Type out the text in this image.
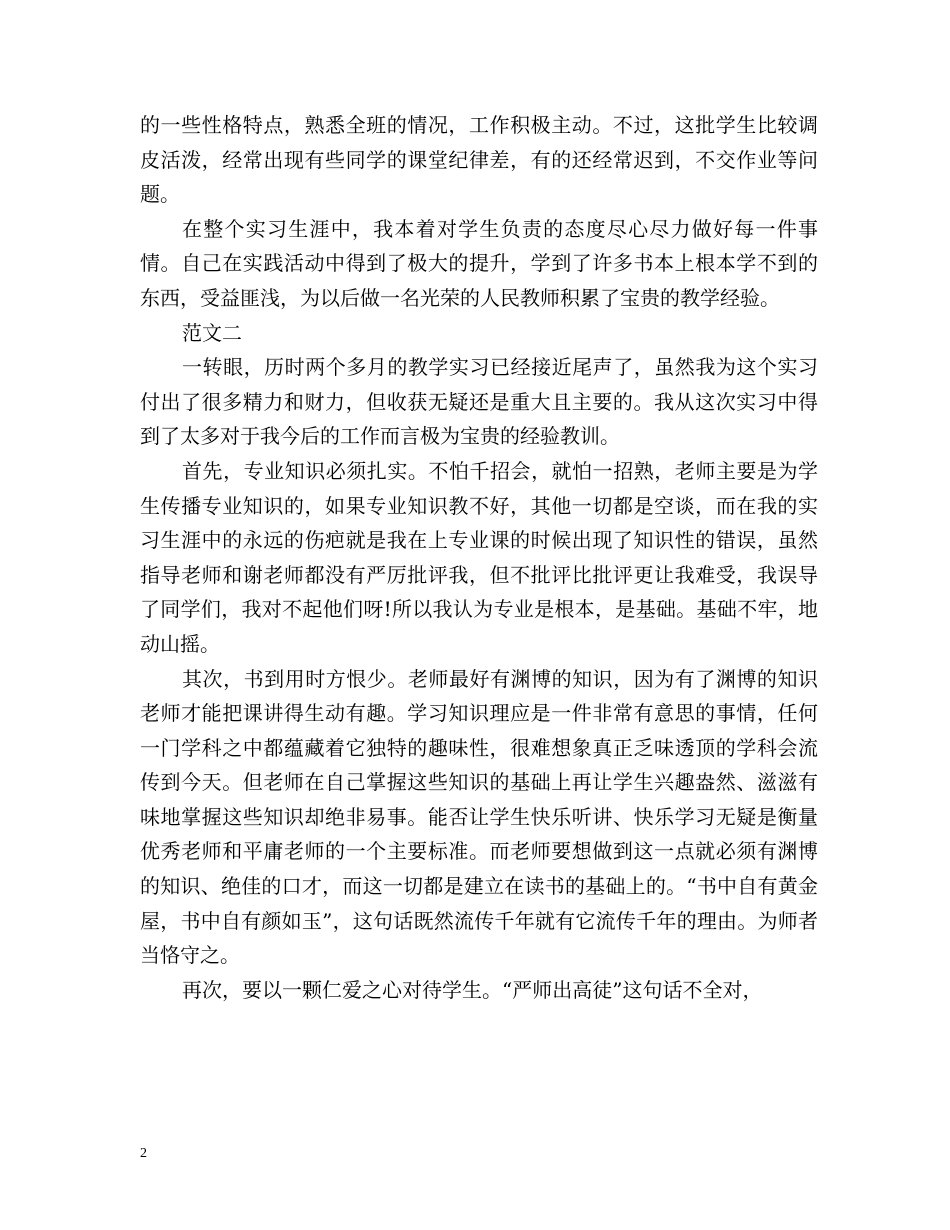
的一些性格特点，熟悉全班的情况，工作积极主动。不过，这批学生比较调皮活泼，经常出现有些同学的课堂纪律差，有的还经常迟到，不交作业等问题。

在整个实习生涯中，我本着对学生负责的态度尽心尽力做好每一件事情。自己在实践活动中得到了极大的提升，学到了许多书本上根本学不到的东西，受益匪浅，为以后做一名光荣的人民教师积累了宝贵的教学经验。

范文二

一转眼，历时两个多月的教学实习已经接近尾声了，虽然我为这个实习付出了很多精力和财力，但收获无疑还是重大且主要的。我从这次实习中得到了太多对于我今后的工作而言极为宝贵的经验教训。

首先，专业知识必须扎实。不怕千招会，就怕一招熟，老师主要是为学生传播专业知识的，如果专业知识教不好，其他一切都是空谈，而在我的实习生涯中的永远的伤疤就是我在上专业课的时候出现了知识性的错误，虽然指导老师和谢老师都没有严厉批评我，但不批评比批评更让我难受，我误导了同学们，我对不起他们呀!所以我认为专业是根本，是基础。基础不牢，地动山摇。

其次，书到用时方恨少。老师最好有渊博的知识，因为有了渊博的知识老师才能把课讲得生动有趣。学习知识理应是一件非常有意思的事情，任何一门学科之中都蕴藏着它独特的趣味性，很难想象真正乏味透顶的学科会流传到今天。但老师在自己掌握这些知识的基础上再让学生兴趣盎然、滋滋有味地掌握这些知识却绝非易事。能否让学生快乐听讲、快乐学习无疑是衡量优秀老师和平庸老师的一个主要标准。而老师要想做到这一点就必须有渊博的知识、绝佳的口才，而这一切都是建立在读书的基础上的。“书中自有黄金屋，书中自有颜如玉”，这句话既然流传千年就有它流传千年的理由。为师者当恪守之。

再次，要以一颗仁爱之心对待学生。“严师出高徒”这句话不全对，

2
